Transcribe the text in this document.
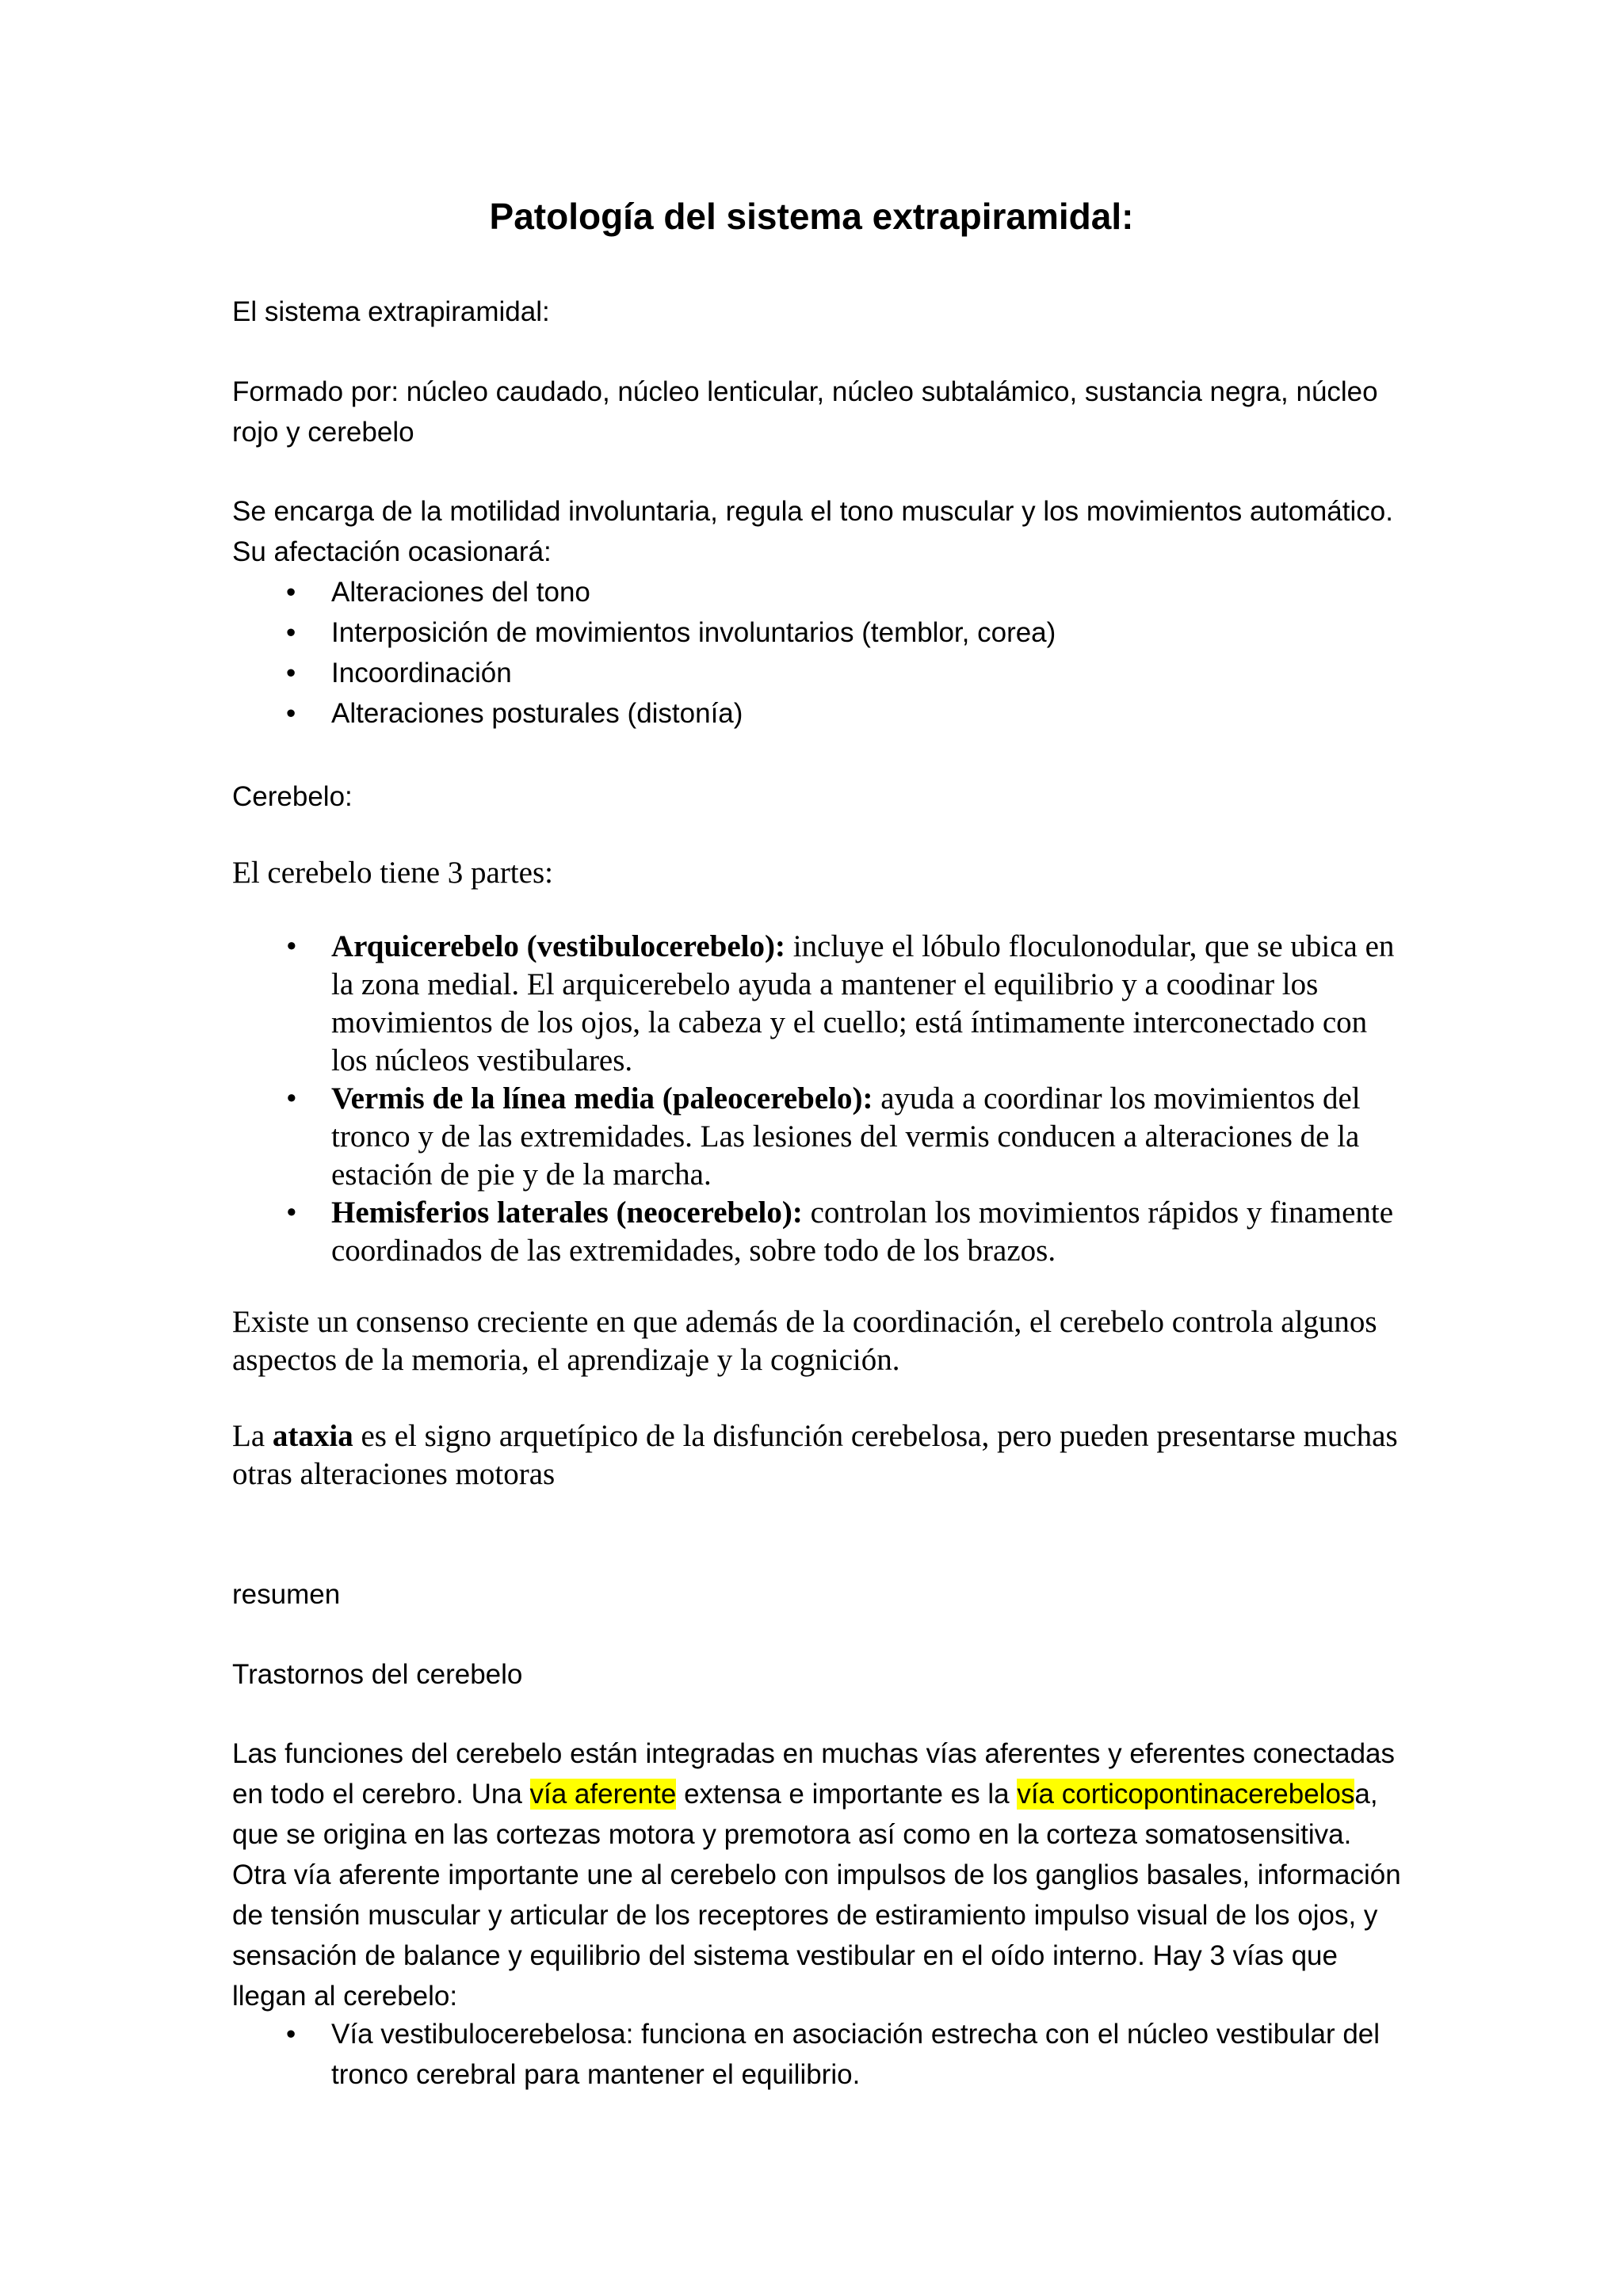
Patología del sistema extrapiramidal:

El sistema extrapiramidal:

Formado por: núcleo caudado, núcleo lenticular, núcleo subtalámico, sustancia negra, núcleo rojo y cerebelo

Se encarga de la motilidad involuntaria, regula el tono muscular y los movimientos automático. Su afectación ocasionará:

• Alteraciones del tono
• Interposición de movimientos involuntarios (temblor, corea)
• Incoordinación
• Alteraciones posturales (distonía)

Cerebelo:

El cerebelo tiene 3 partes:

• Arquicerebelo (vestibulocerebelo): incluye el lóbulo floculonodular, que se ubica en la zona medial. El arquicerebelo ayuda a mantener el equilibrio y a coodinar los movimientos de los ojos, la cabeza y el cuello; está íntimamente interconectado con los núcleos vestibulares.
• Vermis de la línea media (paleocerebelo): ayuda a coordinar los movimientos del tronco y de las extremidades. Las lesiones del vermis conducen a alteraciones de la estación de pie y de la marcha.
• Hemisferios laterales (neocerebelo): controlan los movimientos rápidos y finamente coordinados de las extremidades, sobre todo de los brazos.

Existe un consenso creciente en que además de la coordinación, el cerebelo controla algunos aspectos de la memoria, el aprendizaje y la cognición.

La ataxia es el signo arquetípico de la disfunción cerebelosa, pero pueden presentarse muchas otras alteraciones motoras

resumen

Trastornos del cerebelo

Las funciones del cerebelo están integradas en muchas vías aferentes y eferentes conectadas en todo el cerebro. Una vía aferente extensa e importante es la vía corticopontinacerebelosa, que se origina en las cortezas motora y premotora así como en la corteza somatosensitiva. Otra vía aferente importante une al cerebelo con impulsos de los ganglios basales, información de tensión muscular y articular de los receptores de estiramiento impulso visual de los ojos, y sensación de balance y equilibrio del sistema vestibular en el oído interno. Hay 3 vías que llegan al cerebelo:

• Vía vestibulocerebelosa: funciona en asociación estrecha con el núcleo vestibular del tronco cerebral para mantener el equilibrio.
